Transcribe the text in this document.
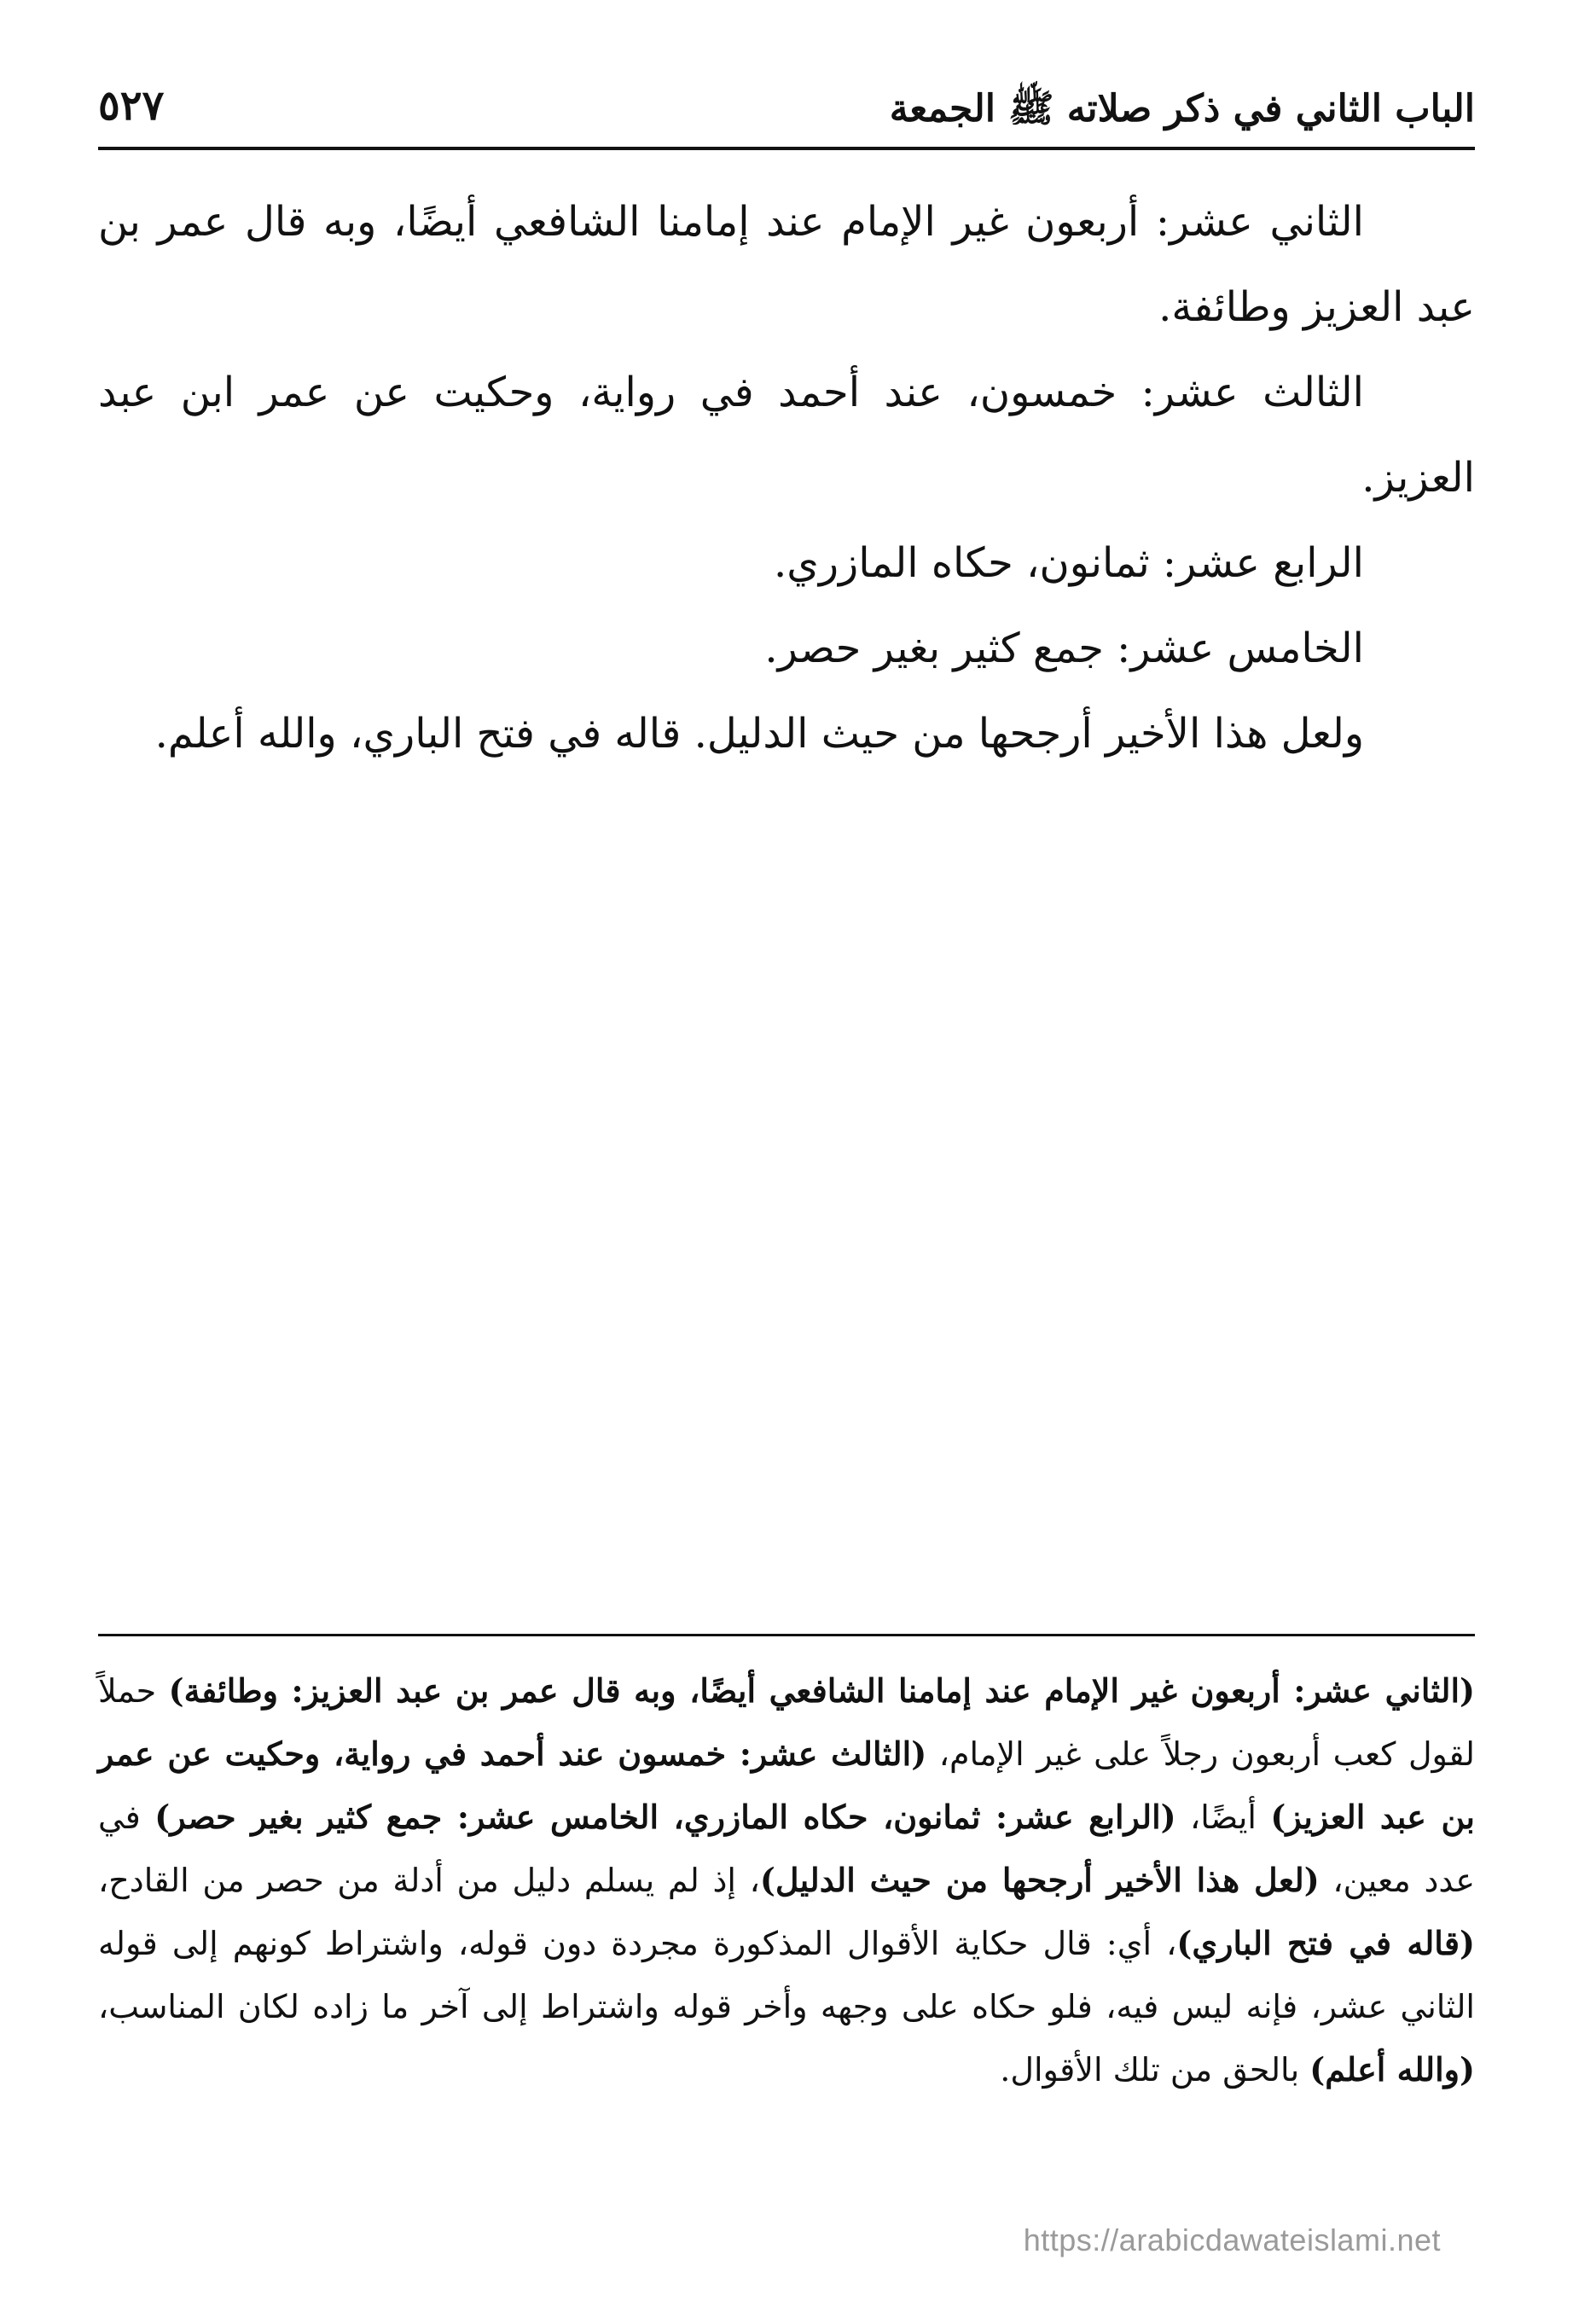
الباب الثاني في ذكر صلاته ﷺ الجمعة
٥٢٧

الثاني عشر: أربعون غير الإمام عند إمامنا الشافعي أيضًا، وبه قال عمر بن عبد العزيز وطائفة.

الثالث عشر: خمسون، عند أحمد في رواية، وحكيت عن عمر ابن عبد العزيز.

الرابع عشر: ثمانون، حكاه المازري.

الخامس عشر: جمع كثير بغير حصر.

ولعل هذا الأخير أرجحها من حيث الدليل. قاله في فتح الباري، والله أعلم.

(الثاني عشر: أربعون غير الإمام عند إمامنا الشافعي أيضًا، وبه قال عمر بن عبد العزيز: وطائفة) حملاً لقول كعب أربعون رجلاً على غير الإمام، (الثالث عشر: خمسون عند أحمد في رواية، وحكيت عن عمر بن عبد العزيز) أيضًا، (الرابع عشر: ثمانون، حكاه المازري، الخامس عشر: جمع كثير بغير حصر) في عدد معين، (لعل هذا الأخير أرجحها من حيث الدليل)، إذ لم يسلم دليل من أدلة من حصر من القادح، (قاله في فتح الباري)، أي: قال حكاية الأقوال المذكورة مجردة دون قوله، واشتراط كونهم إلى قوله الثاني عشر، فإنه ليس فيه، فلو حكاه على وجهه وأخر قوله واشتراط إلى آخر ما زاده لكان المناسب، (والله أعلم) بالحق من تلك الأقوال.

https://arabicdawateislami.net
